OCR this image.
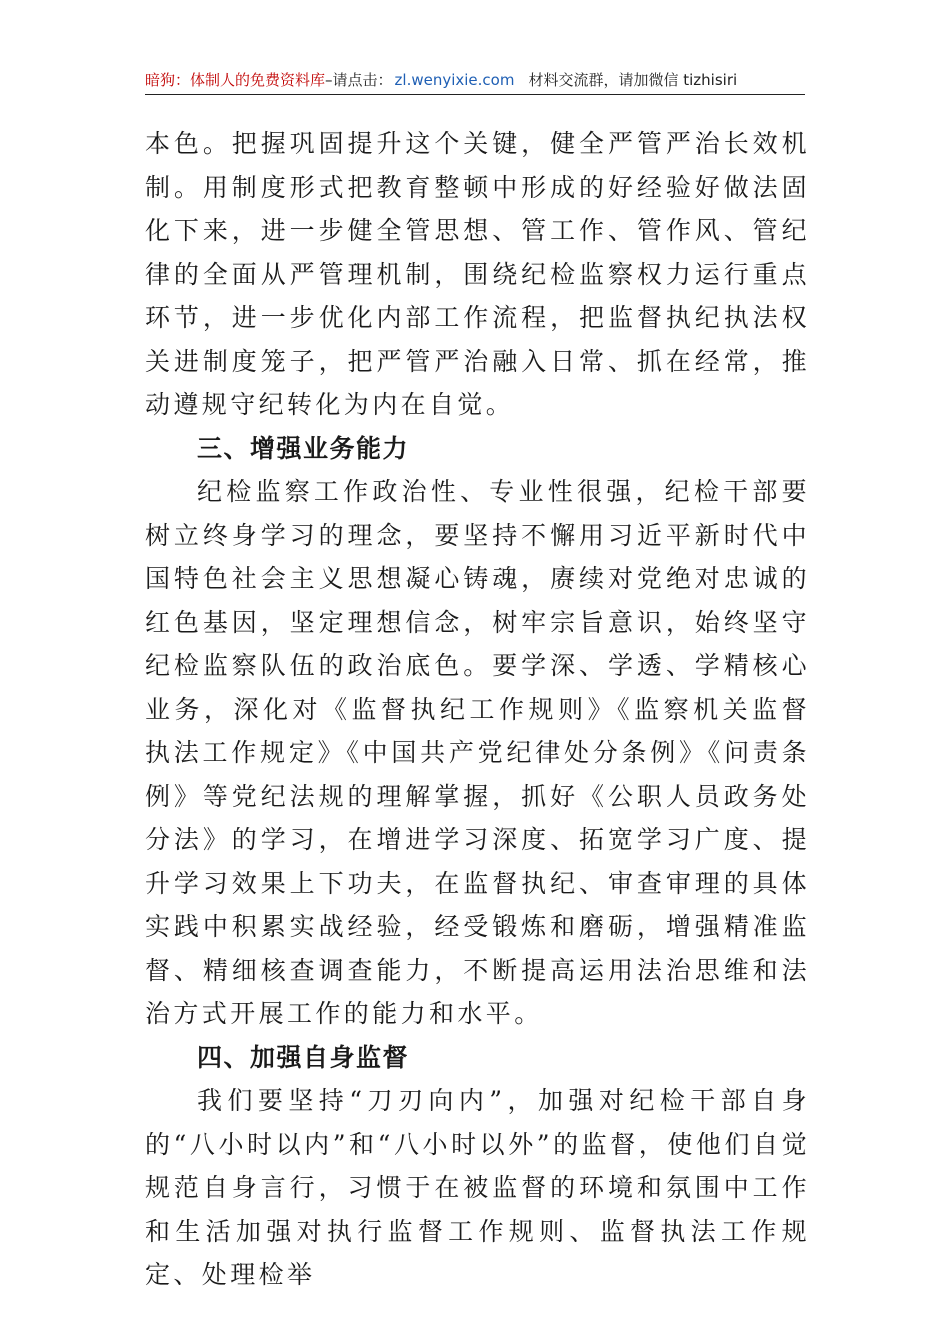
暗狗：体制人的免费资料库 –请点击： zl.wenyixie.com 材料交流群，请加微信 tizhisiri

本色。把握巩固提升这个关键，健全严管严治长效机制。用制度形式把教育整顿中形成的好经验好做法固化下来，进一步健全管思想、管工作、管作风、管纪律的全面从严管理机制，围绕纪检监察权力运行重点环节，进一步优化内部工作流程，把监督执纪执法权关进制度笼子，把严管严治融入日常、抓在经常，推动遵规守纪转化为内在自觉。

三、增强业务能力

纪检监察工作政治性、专业性很强，纪检干部要树立终身学习的理念，要坚持不懈用习近平新时代中国特色社会主义思想凝心铸魂，赓续对党绝对忠诚的红色基因，坚定理想信念，树牢宗旨意识，始终坚守纪检监察队伍的政治底色。要学深、学透、学精核心业务，深化对《监督执纪工作规则》《监察机关监督执法工作规定》《中国共产党纪律处分条例》《问责条例》等党纪法规的理解掌握，抓好《公职人员政务处分法》的学习，在增进学习深度、拓宽学习广度、提升学习效果上下功夫，在监督执纪、审查审理的具体实践中积累实战经验，经受锻炼和磨砺，增强精准监督、精细核查调查能力，不断提高运用法治思维和法治方式开展工作的能力和水平。

四、加强自身监督

我们要坚持“刀刃向内”，加强对纪检干部自身的“八小时以内”和“八小时以外”的监督，使他们自觉规范自身言行，习惯于在被监督的环境和氛围中工作和生活加强对执行监督工作规则、监督执法工作规定、处理检举
